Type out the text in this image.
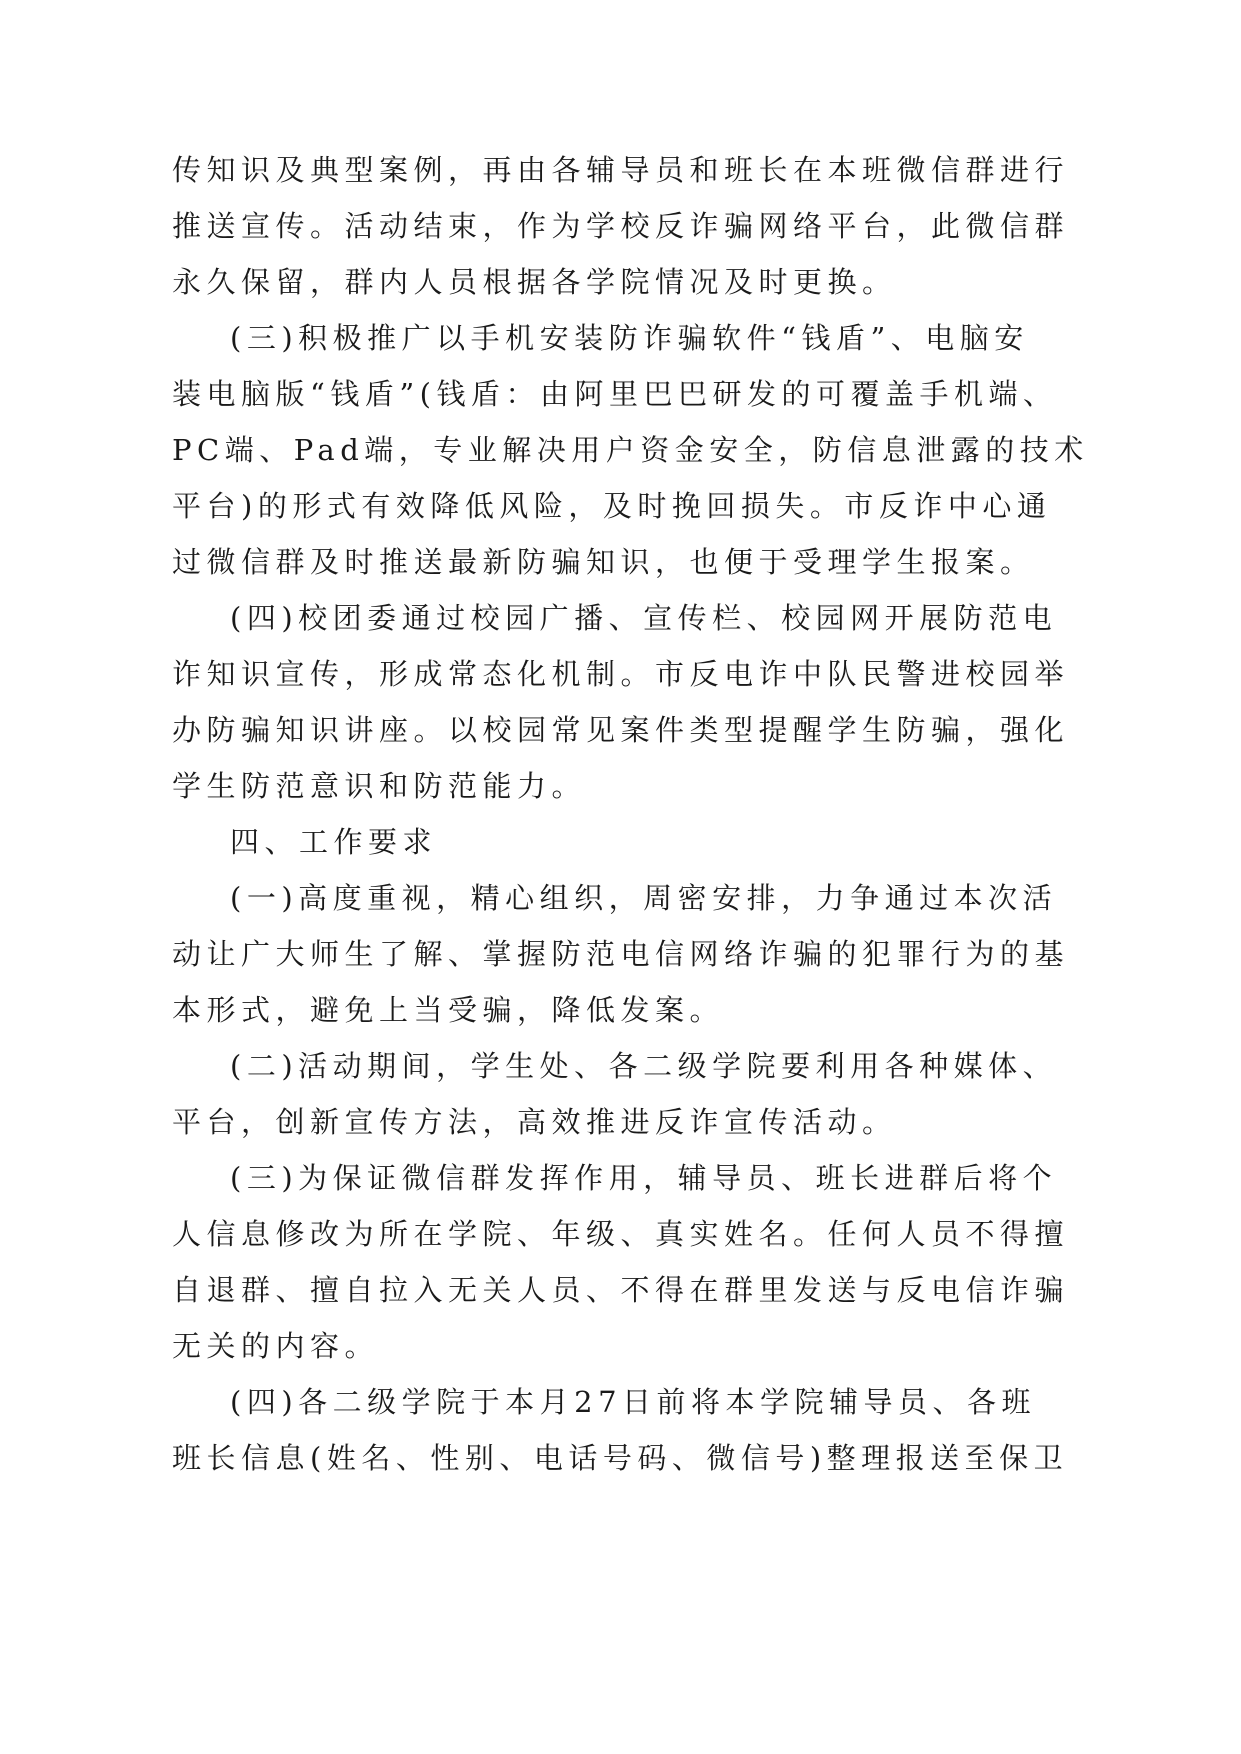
传知识及典型案例，再由各辅导员和班长在本班微信群进行
推送宣传。活动结束，作为学校反诈骗网络平台，此微信群
永久保留，群内人员根据各学院情况及时更换。
(三)积极推广以手机安装防诈骗软件“钱盾”、电脑安
装电脑版“钱盾”(钱盾：由阿里巴巴研发的可覆盖手机端、
PC端、Pad端，专业解决用户资金安全，防信息泄露的技术
平台)的形式有效降低风险，及时挽回损失。市反诈中心通
过微信群及时推送最新防骗知识，也便于受理学生报案。
(四)校团委通过校园广播、宣传栏、校园网开展防范电
诈知识宣传，形成常态化机制。市反电诈中队民警进校园举
办防骗知识讲座。以校园常见案件类型提醒学生防骗，强化
学生防范意识和防范能力。
四、工作要求
(一)高度重视，精心组织，周密安排，力争通过本次活
动让广大师生了解、掌握防范电信网络诈骗的犯罪行为的基
本形式，避免上当受骗，降低发案。
(二)活动期间，学生处、各二级学院要利用各种媒体、
平台，创新宣传方法，高效推进反诈宣传活动。
(三)为保证微信群发挥作用，辅导员、班长进群后将个
人信息修改为所在学院、年级、真实姓名。任何人员不得擅
自退群、擅自拉入无关人员、不得在群里发送与反电信诈骗
无关的内容。
(四)各二级学院于本月27日前将本学院辅导员、各班
班长信息(姓名、性别、电话号码、微信号)整理报送至保卫
